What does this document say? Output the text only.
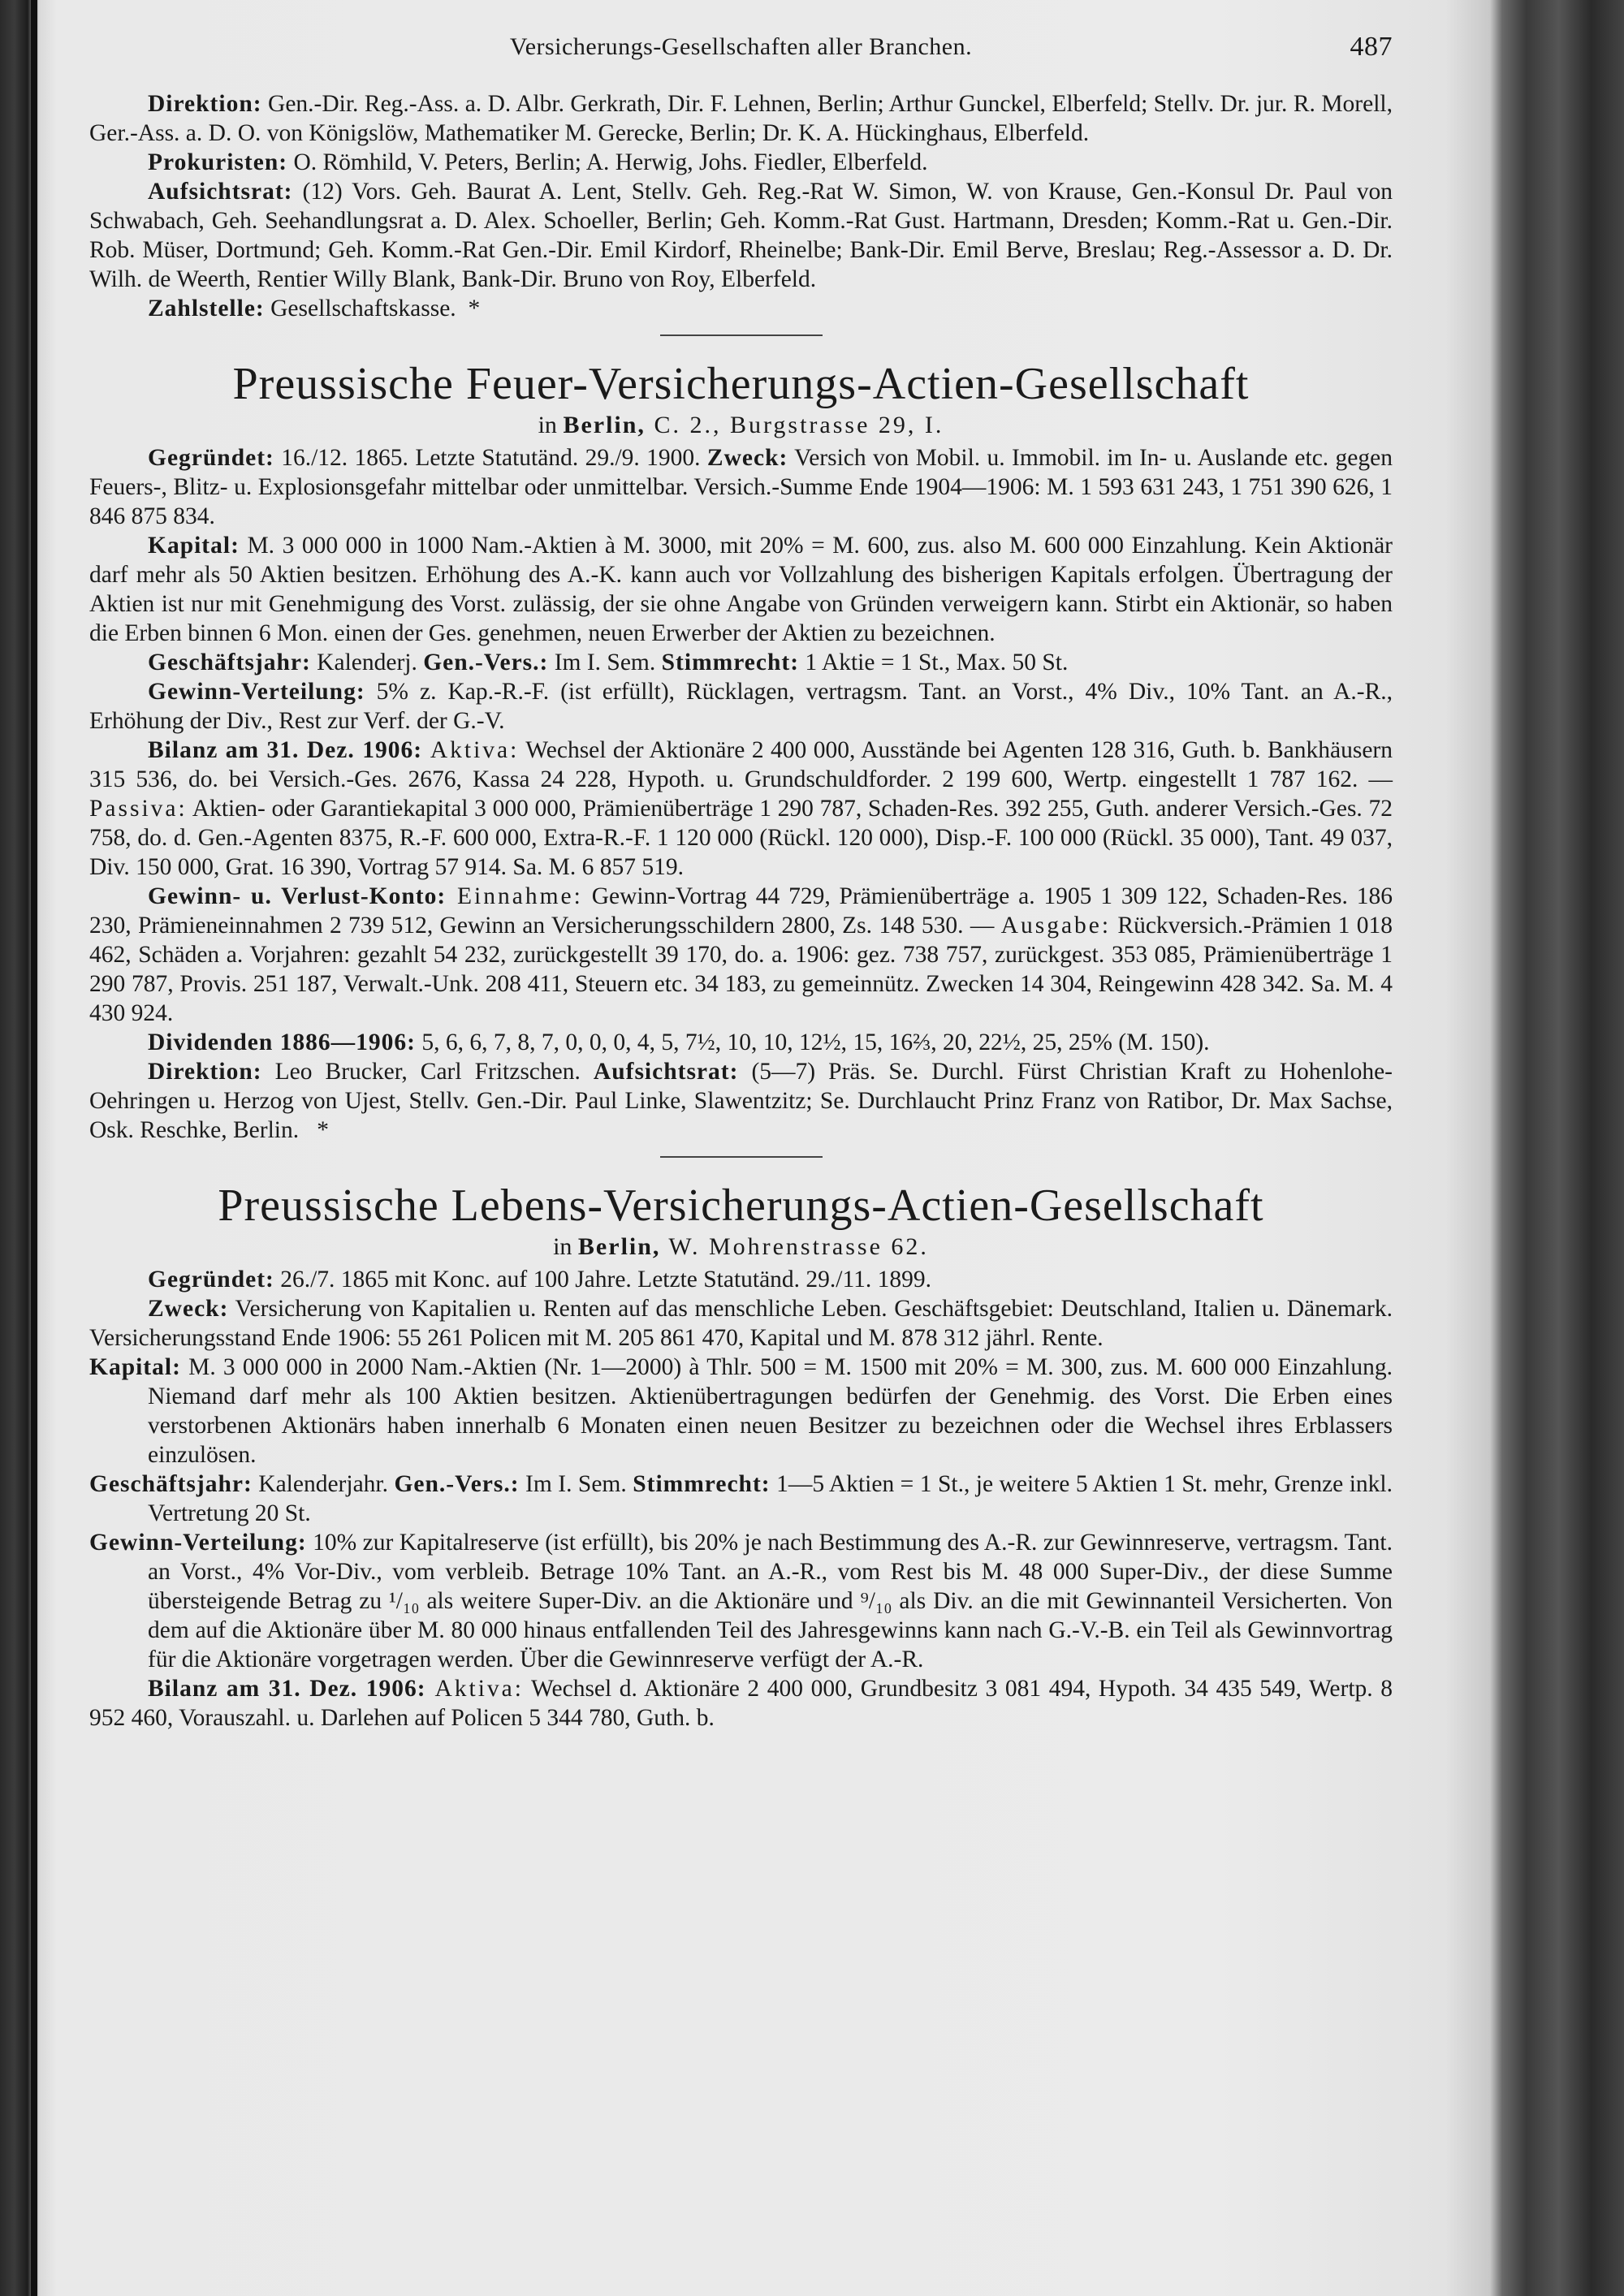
Versicherungs-Gesellschaften aller Branchen.	487

Direktion: Gen.-Dir. Reg.-Ass. a. D. Albr. Gerkrath, Dir. F. Lehnen, Berlin; Arthur Gunckel, Elberfeld; Stellv. Dr. jur. R. Morell, Ger.-Ass. a. D. O. von Königslöw, Mathematiker M. Gerecke, Berlin; Dr. K. A. Hückinghaus, Elberfeld.

Prokuristen: O. Römhild, V. Peters, Berlin; A. Herwig, Johs. Fiedler, Elberfeld.

Aufsichtsrat: (12) Vors. Geh. Baurat A. Lent, Stellv. Geh. Reg.-Rat W. Simon, W. von Krause, Gen.-Konsul Dr. Paul von Schwabach, Geh. Seehandlungsrat a. D. Alex. Schoeller, Berlin; Geh. Komm.-Rat Gust. Hartmann, Dresden; Komm.-Rat u. Gen.-Dir. Rob. Müser, Dortmund; Geh. Komm.-Rat Gen.-Dir. Emil Kirdorf, Rheinelbe; Bank-Dir. Emil Berve, Breslau; Reg.-Assessor a. D. Dr. Wilh. de Weerth, Rentier Willy Blank, Bank-Dir. Bruno von Roy, Elberfeld.

Zahlstelle: Gesellschaftskasse. *

Preussische Feuer-Versicherungs-Actien-Gesellschaft
in Berlin, C. 2., Burgstrasse 29, I.

Gegründet: 16./12. 1865. Letzte Statutänd. 29./9. 1900. Zweck: Versich von Mobil. u. Immobil. im In- u. Auslande etc. gegen Feuers-, Blitz- u. Explosionsgefahr mittelbar oder unmittelbar. Versich.-Summe Ende 1904—1906: M. 1 593 631 243, 1 751 390 626, 1 846 875 834.

Kapital: M. 3 000 000 in 1000 Nam.-Aktien à M. 3000, mit 20% = M. 600, zus. also M. 600 000 Einzahlung. Kein Aktionär darf mehr als 50 Aktien besitzen. Erhöhung des A.-K. kann auch vor Vollzahlung des bisherigen Kapitals erfolgen. Übertragung der Aktien ist nur mit Genehmigung des Vorst. zulässig, der sie ohne Angabe von Gründen verweigern kann. Stirbt ein Aktionär, so haben die Erben binnen 6 Mon. einen der Ges. genehmen, neuen Erwerber der Aktien zu bezeichnen.

Geschäftsjahr: Kalenderj. Gen.-Vers.: Im I. Sem. Stimmrecht: 1 Aktie = 1 St., Max. 50 St.

Gewinn-Verteilung: 5% z. Kap.-R.-F. (ist erfüllt), Rücklagen, vertragsm. Tant. an Vorst., 4% Div., 10% Tant. an A.-R., Erhöhung der Div., Rest zur Verf. der G.-V.

Bilanz am 31. Dez. 1906: Aktiva: Wechsel der Aktionäre 2 400 000, Ausstände bei Agenten 128 316, Guth. b. Bankhäusern 315 536, do. bei Versich.-Ges. 2676, Kassa 24 228, Hypoth. u. Grundschuldforder. 2 199 600, Wertp. eingestellt 1 787 162. — Passiva: Aktien- oder Garantiekapital 3 000 000, Prämienüberträge 1 290 787, Schaden-Res. 392 255, Guth. anderer Versich.-Ges. 72 758, do. d. Gen.-Agenten 8375, R.-F. 600 000, Extra-R.-F. 1 120 000 (Rückl. 120 000), Disp.-F. 100 000 (Rückl. 35 000), Tant. 49 037, Div. 150 000, Grat. 16 390, Vortrag 57 914. Sa. M. 6 857 519.

Gewinn- u. Verlust-Konto: Einnahme: Gewinn-Vortrag 44 729, Prämienüberträge a. 1905 1 309 122, Schaden-Res. 186 230, Prämieneinnahmen 2 739 512, Gewinn an Versicherungsschildern 2800, Zs. 148 530. — Ausgabe: Rückversich.-Prämien 1 018 462, Schäden a. Vorjahren: gezahlt 54 232, zurückgestellt 39 170, do. a. 1906: gez. 738 757, zurückgest. 353 085, Prämienüberträge 1 290 787, Provis. 251 187, Verwalt.-Unk. 208 411, Steuern etc. 34 183, zu gemeinnütz. Zwecken 14 304, Reingewinn 428 342. Sa. M. 4 430 924.

Dividenden 1886—1906: 5, 6, 6, 7, 8, 7, 0, 0, 0, 4, 5, 7½, 10, 10, 12½, 15, 16⅔, 20, 22½, 25, 25% (M. 150).

Direktion: Leo Brucker, Carl Fritzschen. Aufsichtsrat: (5—7) Präs. Se. Durchl. Fürst Christian Kraft zu Hohenlohe-Oehringen u. Herzog von Ujest, Stellv. Gen.-Dir. Paul Linke, Slawentzitz; Se. Durchlaucht Prinz Franz von Ratibor, Dr. Max Sachse, Osk. Reschke, Berlin. *

Preussische Lebens-Versicherungs-Actien-Gesellschaft
in Berlin, W. Mohrenstrasse 62.

Gegründet: 26./7. 1865 mit Konc. auf 100 Jahre. Letzte Statutänd. 29./11. 1899.

Zweck: Versicherung von Kapitalien u. Renten auf das menschliche Leben. Geschäftsgebiet: Deutschland, Italien u. Dänemark. Versicherungsstand Ende 1906: 55 261 Policen mit M. 205 861 470, Kapital und M. 878 312 jährl. Rente.

Kapital: M. 3 000 000 in 2000 Nam.-Aktien (Nr. 1—2000) à Thlr. 500 = M. 1500 mit 20% = M. 300, zus. M. 600 000 Einzahlung. Niemand darf mehr als 100 Aktien besitzen. Aktienübertragungen bedürfen der Genehmig. des Vorst. Die Erben eines verstorbenen Aktionärs haben innerhalb 6 Monaten einen neuen Besitzer zu bezeichnen oder die Wechsel ihres Erblassers einzulösen.

Geschäftsjahr: Kalenderjahr. Gen.-Vers.: Im I. Sem. Stimmrecht: 1—5 Aktien = 1 St., je weitere 5 Aktien 1 St. mehr, Grenze inkl. Vertretung 20 St.

Gewinn-Verteilung: 10% zur Kapitalreserve (ist erfüllt), bis 20% je nach Bestimmung des A.-R. zur Gewinnreserve, vertragsm. Tant. an Vorst., 4% Vor-Div., vom verbleib. Betrage 10% Tant. an A.-R., vom Rest bis M. 48 000 Super-Div., der diese Summe übersteigende Betrag zu ¹/₁₀ als weitere Super-Div. an die Aktionäre und ⁹/₁₀ als Div. an die mit Gewinnanteil Versicherten. Von dem auf die Aktionäre über M. 80 000 hinaus entfallenden Teil des Jahresgewinns kann nach G.-V.-B. ein Teil als Gewinnvortrag für die Aktionäre vorgetragen werden. Über die Gewinnreserve verfügt der A.-R.

Bilanz am 31. Dez. 1906: Aktiva: Wechsel d. Aktionäre 2 400 000, Grundbesitz 3 081 494, Hypoth. 34 435 549, Wertp. 8 952 460, Vorauszahl. u. Darlehen auf Policen 5 344 780, Guth. b.
